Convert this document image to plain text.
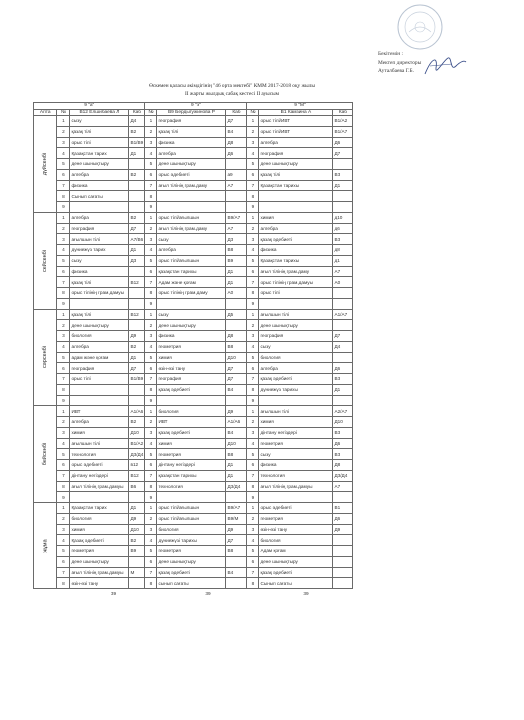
Бекітемін :
Мектеп директоры
Ауталбаева Г.Б.
Өскемен қаласы әкімдігінің "46 орта мектебі" КММ 2017-2018 оқу жылы
ІІ жарты жылдық сабақ кестесі ІІ ауысым
9 "а"				9 "э"			9 "М"		
Апта	№	В12 Елшибаева Л	Каб	№	В9 Бердыгужинова Р	Каб	№	В1 Камзина А	Каб
дүйсенбі	1	сызу	Д4	1	география	Д7	1	орыс тілі/ИВТ	В1/А2
	2	қазақ тілі	В2	2	қазақ тілі	В4	2	орыс тілі/ИВТ	В1/А7
	3	орыс тілі	В1/В9	3	физика	Д8	3	алгебра	Д6
	4	Қазақстан тарих	Д1	4	алгебра	Д6	4	география	Д7
	5	дене шынықтыру		5	дене шынықтыру		5	дене шынықтыру	
	6	алгебра	В2	6	орыс әдебиеті	а9	6	қазақ тілі	В3
	7	физика		7	ағыл тілінің грам.даму	А7	7	Қазақстан тарихы	Д1
	8	Сынып сағаты		8			8		
	9			9			9		
сейсенбі	1	алгебра	В2	1	орыс тілі/ағылшын	В9/А7	1	химия	д10
	2	география	Д7	2	ағыл тілінің грам.даму	А7	2	алгебра	д6
	3	ағылшын тілі	А7/В6	3	сызу	Д3	3	қазақ әдебиеті	В3
	4	дүниежүз тарих	Д1	4	алгебра	В8	4	физика	д8
	5	сызу	Д3	5	орыс тілі/ағылшын	В9	5	Қазақстан тарихы	д1
	6	физика		6	қазақстан тарихы	Д1	6	ағыл тілінің грам.даму	А7
	7	қазақ тілі	В12	7	Адам және қоғам	Д1	7	орыс тілінің грам.дамуы	А0
	8	орыс тілінің грам.дамуы		8	орыс тілінің грам.даму	А0	8	орыс тілі	
	9			9			9		
сәрсенбі	1	қазақ тілі	В12	1	сызу	Д5	1	ағылшын тілі	А1/А7
	2	дене шынықтыру		2	дене шынықтыру		2	дене шынықтыру	
	3	биология	Д9	3	физика	Д8	3	география	Д7
	4	алгебра	В2	4	геометрия	В8	4	сызу	Д4
	5	адам және қоғам	Д1	5	химия	Д10	5	биология	
	6	география	Д7	6	өзін-өзі тану	Д7	6	алгебра	Д6
	7	орыс тілі	В1/В9	7	география	Д7	7	қазақ әдебиеті	В3
	8			8	қазақ әдебиеті	В4	8	дүниежүз тарихы	Д1
	9			9			9		
бейсенбі	1	ИВТ	А1/А6	1	биология	Д9	1	ағылшын тілі	А2/А7
	2	алгебра	В2	2	ИВТ	А1/А6	2	химия	Д10
	3	химия	Д10	3	қазақ әдебиеті	В4	3	дінтану негіздері	В3
	4	ағылшын тілі	В1/А2	4	химия	Д10	4	геометрия	Д6
	5	технология	Д3/Д4	5	геометрия	В8	5	сызу	В3
	6	орыс әдебиеті	в12	6	дінтану негіздері	Д1	6	физика	Д8
	7	дінтану негіздері	В12	7	қазақстан тарихы	Д1	7	технология	Д3/Д4
	8	ағыл тілінің грам.дамуы	В6	8	технология	Д3/Д4	8	ағыл тілінің грам.дамуы	А7
	9			9			9		
жұма	1	Қазақстан тарих	Д1	1	орыс тілі/ағылшын	В9/А7	1	орыс әдебиеті	В1
	2	биология	Д9	2	орыс тілі/ағылшын	В9/М	2	геометрия	Д6
	3	химия	Д10	3	биология	Д9	3	өзін-өзі тану	Д9
	4	Қазақ әдебиеті	В2	4	дүниежүзі тарихы	Д7	4	биология	
	5	геометрия	В9	5	геометрия	В8	5	Адам қоғам	
	6	дене шынықтыру		6	дене шынықтыру		6	дене шынықтыру	
	7	ағыл тілінің грам.дамуы	М	7	қазақ әдебиеті	В4	7	қазақ әдебиеті	
	8	өзін-өзі тану		8	сынып сағаты		8	Сынып сағаты	
		39			39			39	
